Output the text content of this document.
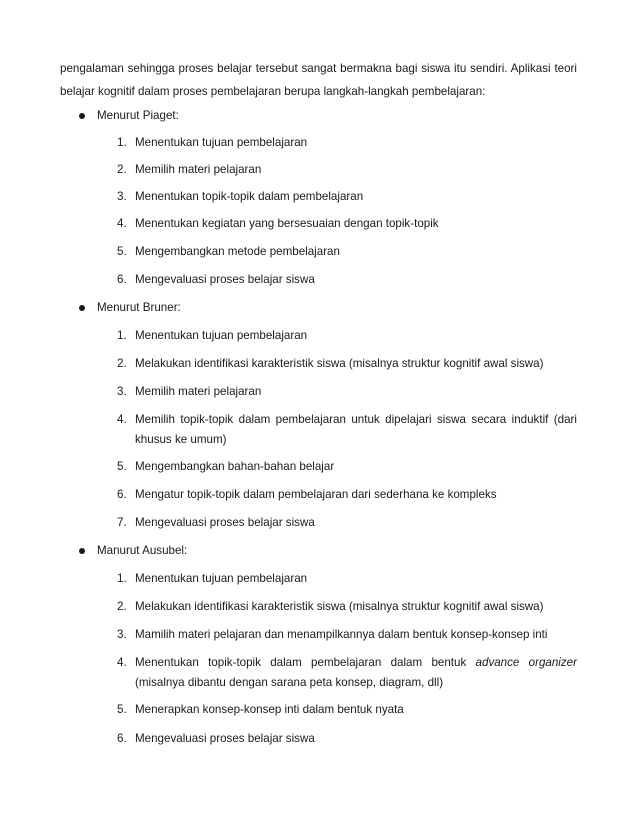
pengalaman sehingga proses belajar tersebut sangat bermakna bagi siswa itu sendiri. Aplikasi teori
belajar kognitif dalam proses pembelajaran berupa langkah-langkah pembelajaran:
Menurut Piaget:
1. Menentukan tujuan pembelajaran
2. Memilih materi pelajaran
3. Menentukan topik-topik dalam pembelajaran
4. Menentukan kegiatan yang bersesuaian dengan topik-topik
5. Mengembangkan metode pembelajaran
6. Mengevaluasi proses belajar siswa
Menurut Bruner:
1. Menentukan tujuan pembelajaran
2. Melakukan identifikasi karakteristik siswa (misalnya struktur kognitif awal siswa)
3. Memilih materi pelajaran
4. Memilih topik-topik dalam pembelajaran untuk dipelajari siswa secara induktif (dari
khusus ke umum)
5. Mengembangkan bahan-bahan belajar
6. Mengatur topik-topik dalam pembelajaran dari sederhana ke kompleks
7. Mengevaluasi proses belajar siswa
Manurut Ausubel:
1. Menentukan tujuan pembelajaran
2. Melakukan identifikasi karakteristik siswa (misalnya struktur kognitif awal siswa)
3. Mamilih materi pelajaran dan menampilkannya dalam bentuk konsep-konsep inti
4. Menentukan topik-topik dalam pembelajaran dalam bentuk advance organizer
(misalnya dibantu dengan sarana peta konsep, diagram, dll)
5. Menerapkan konsep-konsep inti dalam bentuk nyata
6. Mengevaluasi proses belajar siswa
